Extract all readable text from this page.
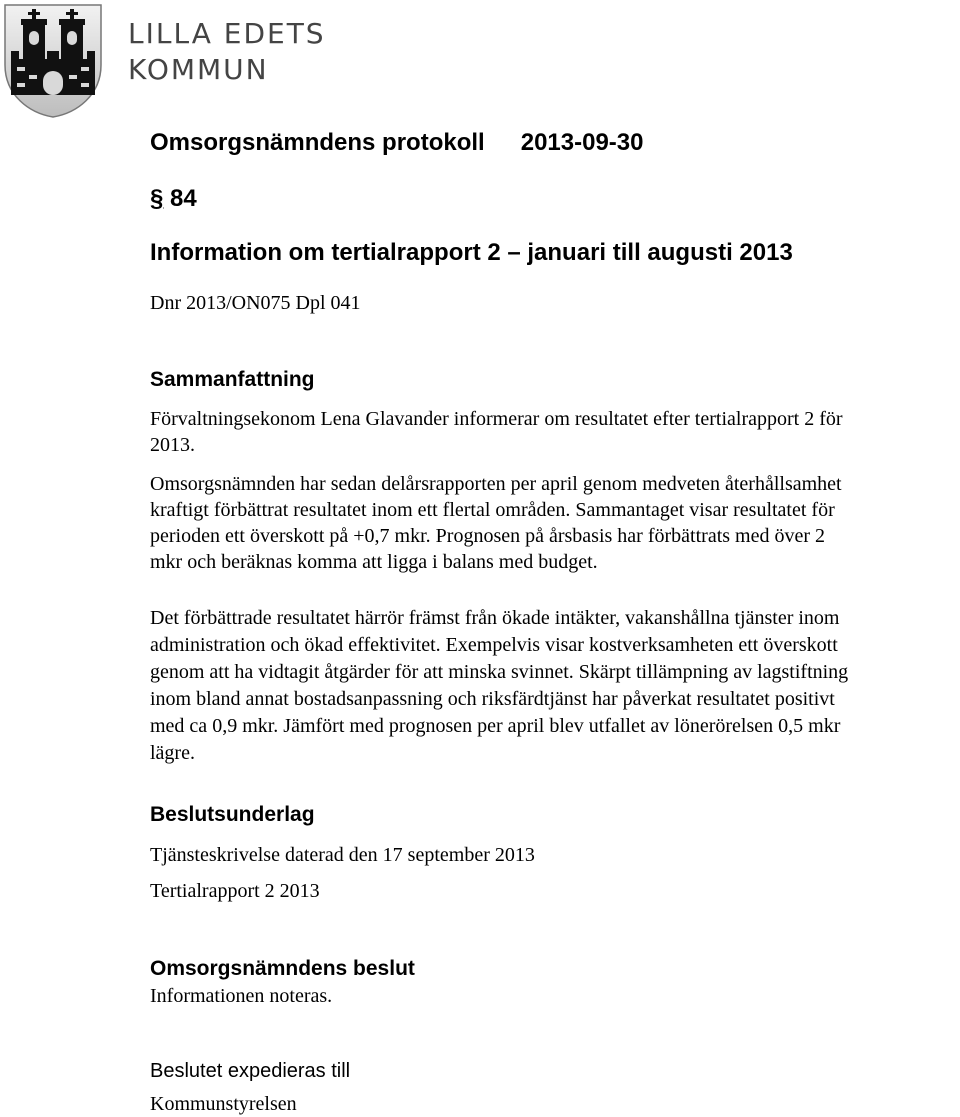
LILLA EDETS
KOMMUN
Omsorgsnämndens protokoll 2013-09-30
§ 84
Information om tertialrapport 2 – januari till augusti 2013
Dnr 2013/ON075 Dpl 041
Sammanfattning
Förvaltningsekonom Lena Glavander informerar om resultatet efter tertialrapport 2 för
2013.
Omsorgsnämnden har sedan delårsrapporten per april genom medveten återhållsamhet
kraftigt förbättrat resultatet inom ett flertal områden. Sammantaget visar resultatet för
perioden ett överskott på +0,7 mkr. Prognosen på årsbasis har förbättrats med över 2
mkr och beräknas komma att ligga i balans med budget.
Det förbättrade resultatet härrör främst från ökade intäkter, vakanshållna tjänster inom
administration och ökad effektivitet. Exempelvis visar kostverksamheten ett överskott
genom att ha vidtagit åtgärder för att minska svinnet. Skärpt tillämpning av lagstiftning
inom bland annat bostadsanpassning och riksfärdtjänst har påverkat resultatet positivt
med ca 0,9 mkr. Jämfört med prognosen per april blev utfallet av lönerörelsen 0,5 mkr
lägre.
Beslutsunderlag
Tjänsteskrivelse daterad den 17 september 2013
Tertialrapport 2 2013
Omsorgsnämndens beslut
Informationen noteras.
Beslutet expedieras till
Kommunstyrelsen
